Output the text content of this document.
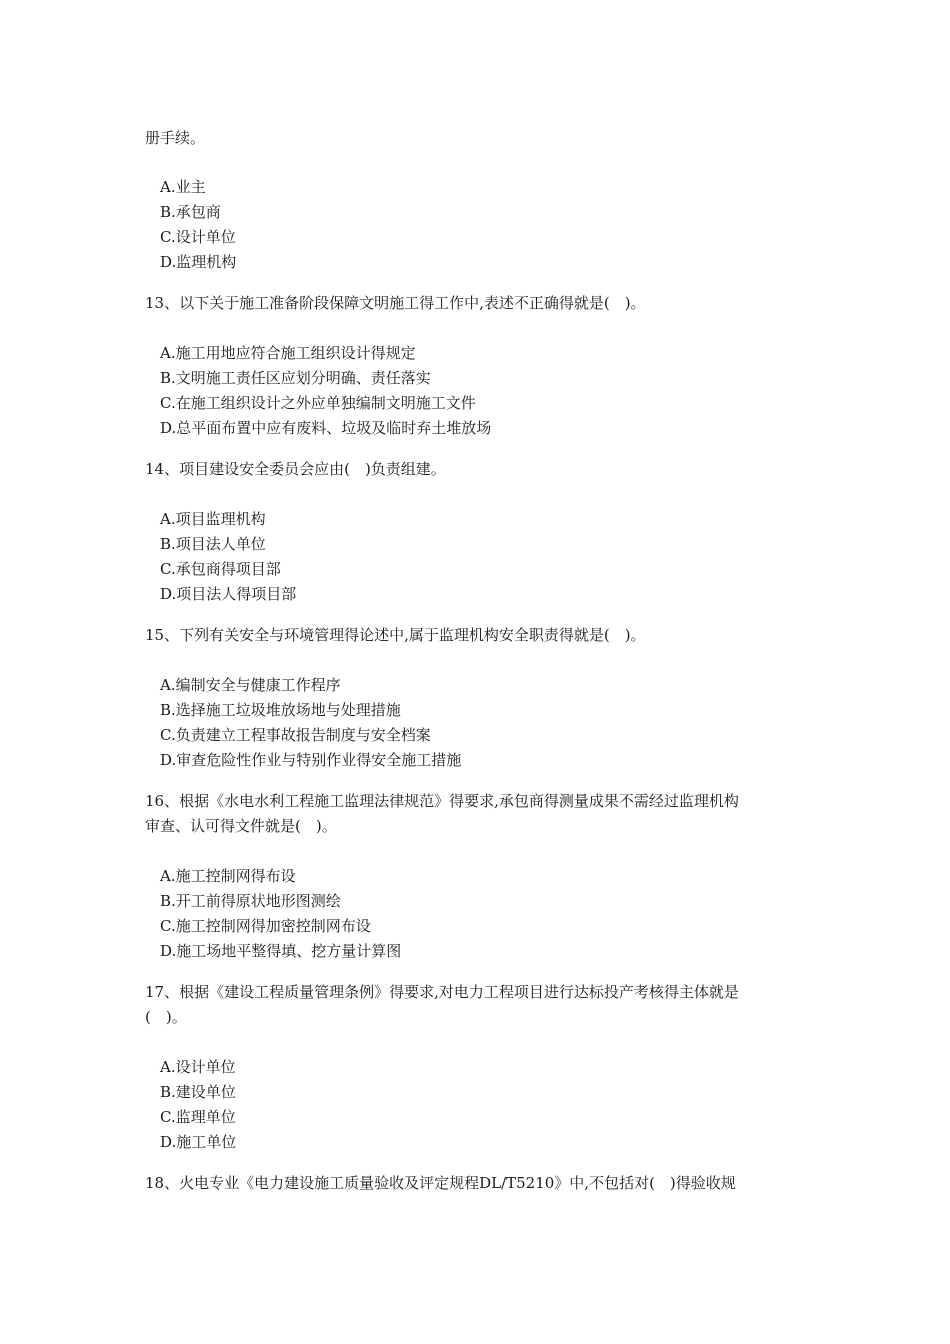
册手续。
A.业主
B.承包商
C.设计单位
D.监理机构
13、以下关于施工准备阶段保障文明施工得工作中,表述不正确得就是(　)。
A.施工用地应符合施工组织设计得规定
B.文明施工责任区应划分明确、责任落实
C.在施工组织设计之外应单独编制文明施工文件
D.总平面布置中应有废料、垃圾及临时弃土堆放场
14、项目建设安全委员会应由(　)负责组建。
A.项目监理机构
B.项目法人单位
C.承包商得项目部
D.项目法人得项目部
15、下列有关安全与环境管理得论述中,属于监理机构安全职责得就是(　)。
A.编制安全与健康工作程序
B.选择施工垃圾堆放场地与处理措施
C.负责建立工程事故报告制度与安全档案
D.审查危险性作业与特别作业得安全施工措施
16、根据《水电水利工程施工监理法律规范》得要求,承包商得测量成果不需经过监理机构
审查、认可得文件就是(　)。
A.施工控制网得布设
B.开工前得原状地形图测绘
C.施工控制网得加密控制网布设
D.施工场地平整得填、挖方量计算图
17、根据《建设工程质量管理条例》得要求,对电力工程项目进行达标投产考核得主体就是
(　)。
A.设计单位
B.建设单位
C.监理单位
D.施工单位
18、火电专业《电力建设施工质量验收及评定规程DL/T5210》中,不包括对(　)得验收规
